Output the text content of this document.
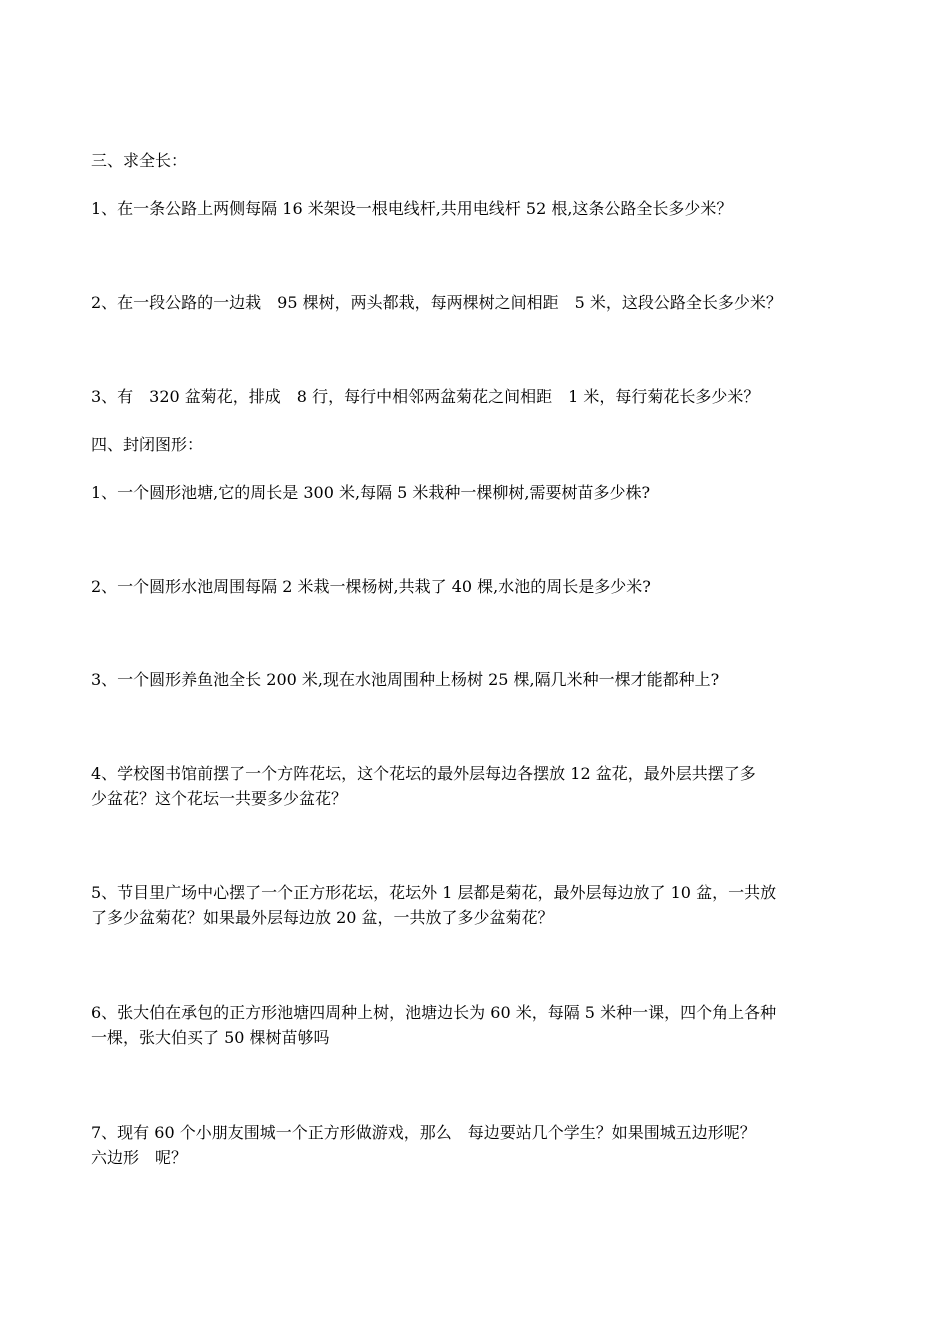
三、求全长：
1、在一条公路上两侧每隔 16 米架设一根电线杆,共用电线杆 52 根,这条公路全长多少米？
2、在一段公路的一边栽　95 棵树，两头都栽，每两棵树之间相距　5 米，这段公路全长多少米？
3、有　320 盆菊花，排成　8 行，每行中相邻两盆菊花之间相距　1 米，每行菊花长多少米？
四、封闭图形：
1、一个圆形池塘,它的周长是 300 米,每隔 5 米栽种一棵柳树,需要树苗多少株?
2、一个圆形水池周围每隔 2 米栽一棵杨树,共栽了 40 棵,水池的周长是多少米?
3、一个圆形养鱼池全长 200 米,现在水池周围种上杨树 25 棵,隔几米种一棵才能都种上?
4、学校图书馆前摆了一个方阵花坛，这个花坛的最外层每边各摆放 12 盆花，最外层共摆了多
少盆花？这个花坛一共要多少盆花？
5、节目里广场中心摆了一个正方形花坛，花坛外 1 层都是菊花，最外层每边放了 10 盆，一共放
了多少盆菊花？如果最外层每边放 20 盆，一共放了多少盆菊花？
6、张大伯在承包的正方形池塘四周种上树，池塘边长为 60 米，每隔 5 米种一课，四个角上各种
一棵，张大伯买了 50 棵树苗够吗
7、现有 60 个小朋友围城一个正方形做游戏，那么　每边要站几个学生？如果围城五边形呢？
六边形　呢？
